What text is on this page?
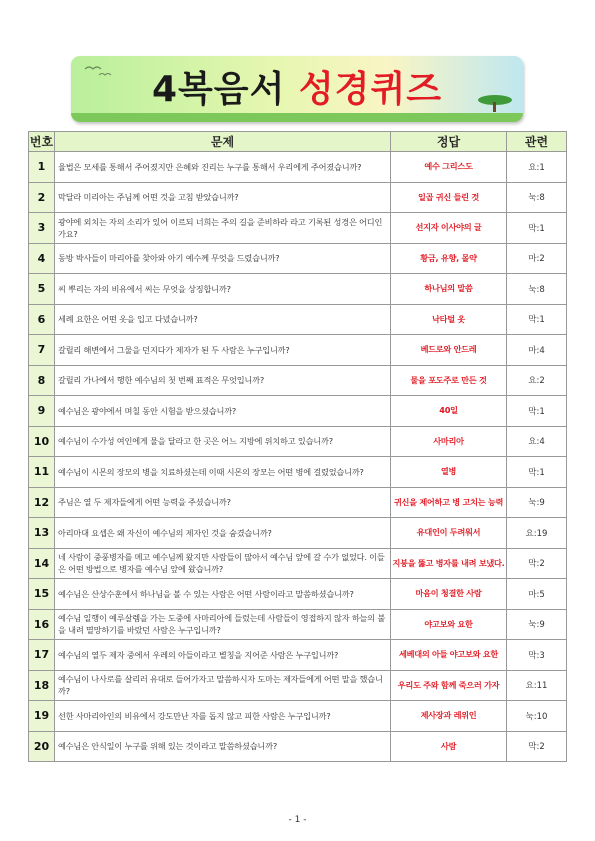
4복음서 성경퀴즈
번호	문제	정답	관련
1	율법은 모세를 통해서 주어졌지만 은혜와 진리는 누구를 통해서 우리에게 주어졌습니까?	예수 그리스도	요:1
2	막달라 미리아는 주님께 어떤 것을 고침 받았습니까?	일곱 귀신 들린 것	눅:8
3	광야에 외치는 자의 소리가 있어 이르되 너희는 주의 길을 준비하라 라고 기록된 성경은 어디인가요?	선지자 이사야의 글	막:1
4	동방 박사들이 마리아를 찾아와 아기 예수께 무엇을 드렸습니까?	황금, 유향, 몰약	마:2
5	씨 뿌리는 자의 비유에서 씨는 무엇을 상징합니까?	하나님의 말씀	눅:8
6	세례 요한은 어떤 옷을 입고 다녔습니까?	낙타털 옷	막:1
7	갈릴리 해변에서 그물을 던지다가 제자가 된 두 사람은 누구입니까?	베드로와 안드레	마:4
8	갈릴리 가나에서 행한 예수님의 첫 번째 표적은 무엇입니까?	물을 포도주로 만든 것	요:2
9	예수님은 광야에서 며칠 동안 시험을 받으셨습니까?	40일	막:1
10	예수님이 수가성 여인에게 물을 달라고 한 곳은 어느 지방에 위치하고 있습니까?	사마리아	요:4
11	예수님이 시몬의 장모의 병을 치료하셨는데 이때 시몬의 장모는 어떤 병에 걸렸었습니까?	열병	막:1
12	주님은 열 두 제자들에게 어떤 능력을 주셨습니까?	귀신을 제어하고 병 고치는 능력	눅:9
13	아리마대 요셉은 왜 자신이 예수님의 제자인 것을 숨겼습니까?	유대인이 두려워서	요:19
14	네 사람이 중풍병자를 메고 예수님께 왔지만 사람들이 많아서 예수님 앞에 갈 수가 없었다. 이들은 어떤 방법으로 병자를 예수님 앞에 왔습니까?	지붕을 뚫고 병자를 내려 보냈다.	막:2
15	예수님은 산상수훈에서 하나님을 볼 수 있는 사람은 어떤 사람이라고 말씀하셨습니까?	마음이 청결한 사람	마:5
16	예수님 일행이 예루살렘을 가는 도중에 사마리아에 들렀는데 사람들이 영접하지 않자 하늘의 불을 내려 멸망하기를 바랐던 사람은 누구입니까?	야고보와 요한	눅:9
17	예수님의 열두 제자 중에서 우레의 아들이라고 별칭을 지어준 사람은 누구입니까?	세베대의 아들 야고보와 요한	막:3
18	예수님이 나사로를 살리러 유대로 들어가자고 말씀하시자 도마는 제자들에게 어떤 말을 했습니까?	우리도 주와 함께 죽으러 가자	요:11
19	선한 사마리아인의 비유에서 강도만난 자를 돕지 않고 피한 사람은 누구입니까?	제사장과 레위인	눅:10
20	예수님은 안식일이 누구를 위해 있는 것이라고 말씀하셨습니까?	사람	막:2
- 1 -
